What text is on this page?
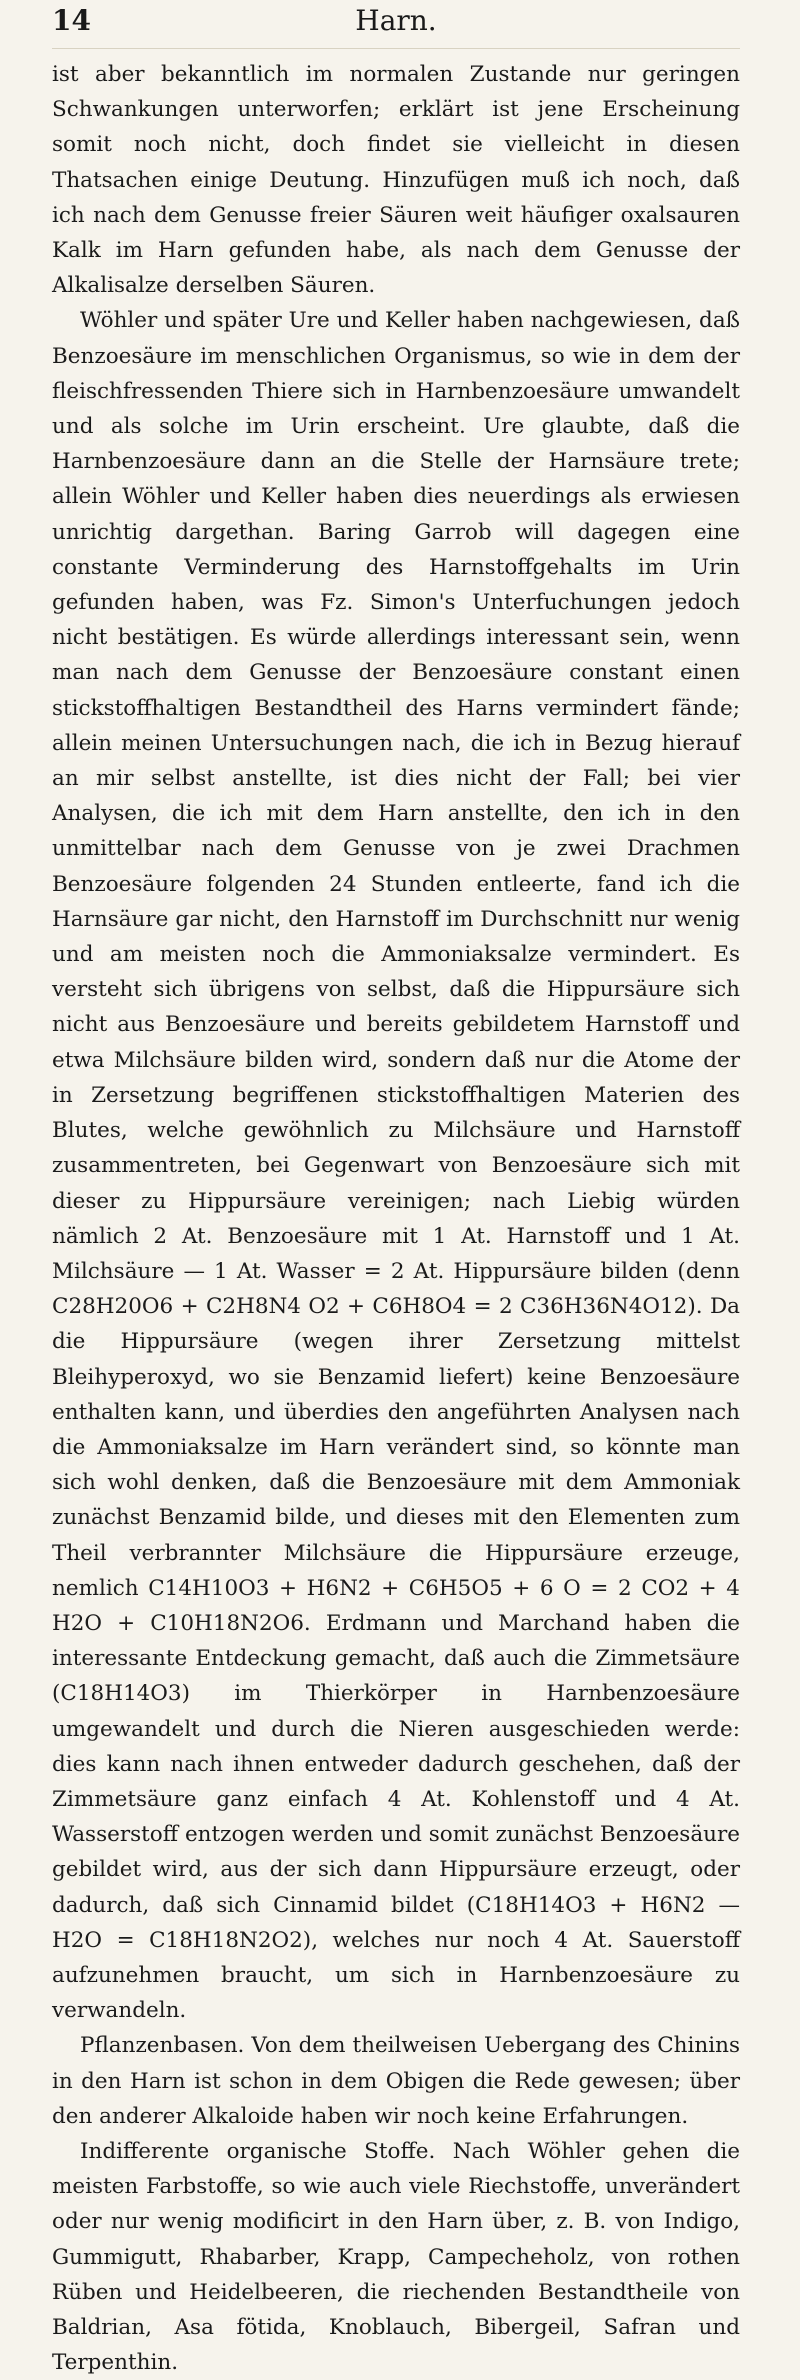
14	Harn.

ist aber bekanntlich im normalen Zustande nur geringen Schwankungen unterworfen; erklärt ist jene Erscheinung somit noch nicht, doch findet sie vielleicht in diesen Thatsachen einige Deutung. Hinzufügen muß ich noch, daß ich nach dem Genusse freier Säuren weit häufiger oxalsauren Kalk im Harn gefunden habe, als nach dem Genusse der Alkalisalze derselben Säuren.

Wöhler und später Ure und Keller haben nachgewiesen, daß Benzoesäure im menschlichen Organismus, so wie in dem der fleischfressenden Thiere sich in Harnbenzoesäure umwandelt und als solche im Urin erscheint. Ure glaubte, daß die Harnbenzoesäure dann an die Stelle der Harnsäure trete; allein Wöhler und Keller haben dies neuerdings als erwiesen unrichtig dargethan. Baring Garrob will dagegen eine constante Verminderung des Harnstoffgehalts im Urin gefunden haben, was Fz. Simon's Unterfuchungen jedoch nicht bestätigen. Es würde allerdings interessant sein, wenn man nach dem Genusse der Benzoesäure constant einen stickstoffhaltigen Bestandtheil des Harns vermindert fände; allein meinen Untersuchungen nach, die ich in Bezug hierauf an mir selbst anstellte, ist dies nicht der Fall; bei vier Analysen, die ich mit dem Harn anstellte, den ich in den unmittelbar nach dem Genusse von je zwei Drachmen Benzoesäure folgenden 24 Stunden entleerte, fand ich die Harnsäure gar nicht, den Harnstoff im Durchschnitt nur wenig und am meisten noch die Ammoniaksalze vermindert. Es versteht sich übrigens von selbst, daß die Hippursäure sich nicht aus Benzoesäure und bereits gebildetem Harnstoff und etwa Milchsäure bilden wird, sondern daß nur die Atome der in Zersetzung begriffenen stickstoffhaltigen Materien des Blutes, welche gewöhnlich zu Milchsäure und Harnstoff zusammentreten, bei Gegenwart von Benzoesäure sich mit dieser zu Hippursäure vereinigen; nach Liebig würden nämlich 2 At. Benzoesäure mit 1 At. Harnstoff und 1 At. Milchsäure — 1 At. Wasser = 2 At. Hippursäure bilden (denn C28H20O6 + C2H8N4 O2 + C6H8O4 = 2 C36H36N4O12). Da die Hippursäure (wegen ihrer Zersetzung mittelst Bleihyperoxyd, wo sie Benzamid liefert) keine Benzoesäure enthalten kann, und überdies den angeführten Analysen nach die Ammoniaksalze im Harn verändert sind, so könnte man sich wohl denken, daß die Benzoesäure mit dem Ammoniak zunächst Benzamid bilde, und dieses mit den Elementen zum Theil verbrannter Milchsäure die Hippursäure erzeuge, nemlich C14H10O3 + H6N2 + C6H5O5 + 6 O = 2 CO2 + 4 H2O + C10H18N2O6. Erdmann und Marchand haben die interessante Entdeckung gemacht, daß auch die Zimmetsäure (C18H14O3) im Thierkörper in Harnbenzoesäure umgewandelt und durch die Nieren ausgeschieden werde: dies kann nach ihnen entweder dadurch geschehen, daß der Zimmetsäure ganz einfach 4 At. Kohlenstoff und 4 At. Wasserstoff entzogen werden und somit zunächst Benzoesäure gebildet wird, aus der sich dann Hippursäure erzeugt, oder dadurch, daß sich Cinnamid bildet (C18H14O3 + H6N2 — H2O = C18H18N2O2), welches nur noch 4 At. Sauerstoff aufzunehmen braucht, um sich in Harnbenzoesäure zu verwandeln.

Pflanzenbasen. Von dem theilweisen Uebergang des Chinins in den Harn ist schon in dem Obigen die Rede gewesen; über den anderer Alkaloide haben wir noch keine Erfahrungen.

Indifferente organische Stoffe. Nach Wöhler gehen die meisten Farbstoffe, so wie auch viele Riechstoffe, unverändert oder nur wenig modificirt in den Harn über, z. B. von Indigo, Gummigutt, Rhabarber, Krapp, Campecheholz, von rothen Rüben und Heidelbeeren, die riechenden Bestandtheile von Baldrian, Asa fötida, Knoblauch, Bibergeil, Safran und Terpenthin.
